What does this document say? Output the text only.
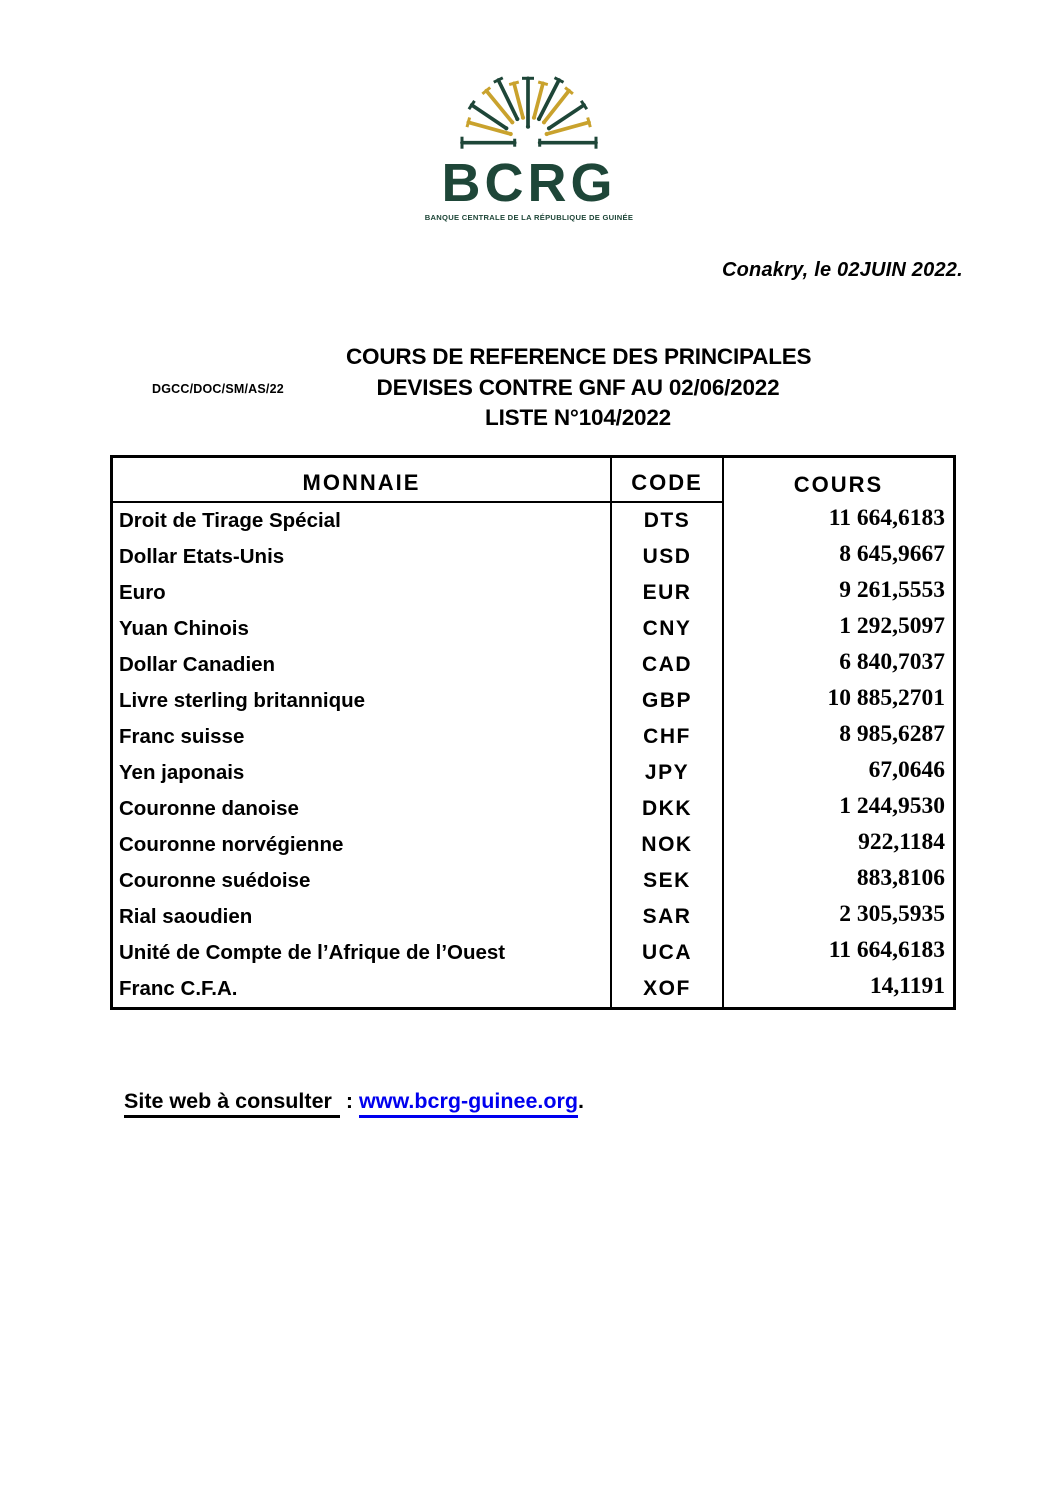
BCRG
BANQUE CENTRALE DE LA RÉPUBLIQUE DE GUINÉE
Conakry, le 02JUIN 2022.
DGCC/DOC/SM/AS/22
COURS DE REFERENCE DES PRINCIPALES
DEVISES CONTRE GNF AU 02/06/2022
LISTE N°104/2022
MONNAIE	CODE	COURS
Droit de Tirage Spécial	DTS	11 664,6183
Dollar Etats-Unis	USD	8 645,9667
Euro	EUR	9 261,5553
Yuan Chinois	CNY	1 292,5097
Dollar Canadien	CAD	6 840,7037
Livre sterling britannique	GBP	10 885,2701
Franc suisse	CHF	8 985,6287
Yen japonais	JPY	67,0646
Couronne danoise	DKK	1 244,9530
Couronne norvégienne	NOK	922,1184
Couronne suédoise	SEK	883,8106
Rial saoudien	SAR	2 305,5935
Unité de Compte de l’Afrique de l’Ouest	UCA	11 664,6183
Franc C.F.A.	XOF	14,1191
Site web à consulter : www.bcrg-guinee.org.
